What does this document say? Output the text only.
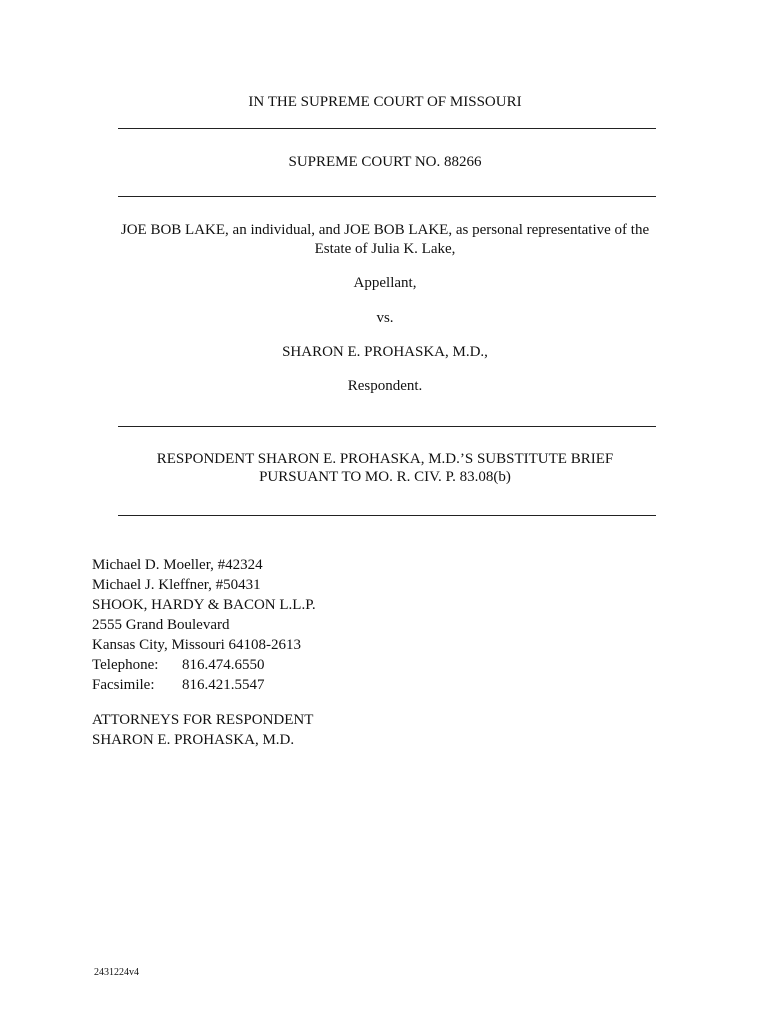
IN THE SUPREME COURT OF MISSOURI
SUPREME COURT NO. 88266
JOE BOB LAKE, an individual, and JOE BOB LAKE, as personal representative of the
Estate of Julia K. Lake,
Appellant,
vs.
SHARON E. PROHASKA, M.D.,
Respondent.
RESPONDENT SHARON E. PROHASKA, M.D.’S SUBSTITUTE BRIEF
PURSUANT TO MO. R. CIV. P. 83.08(b)
Michael D. Moeller, #42324
Michael J. Kleffner, #50431
SHOOK, HARDY & BACON L.L.P.
2555 Grand Boulevard
Kansas City, Missouri 64108-2613
Telephone: 816.474.6550
Facsimile: 816.421.5547
ATTORNEYS FOR RESPONDENT
SHARON E. PROHASKA, M.D.
2431224v4
